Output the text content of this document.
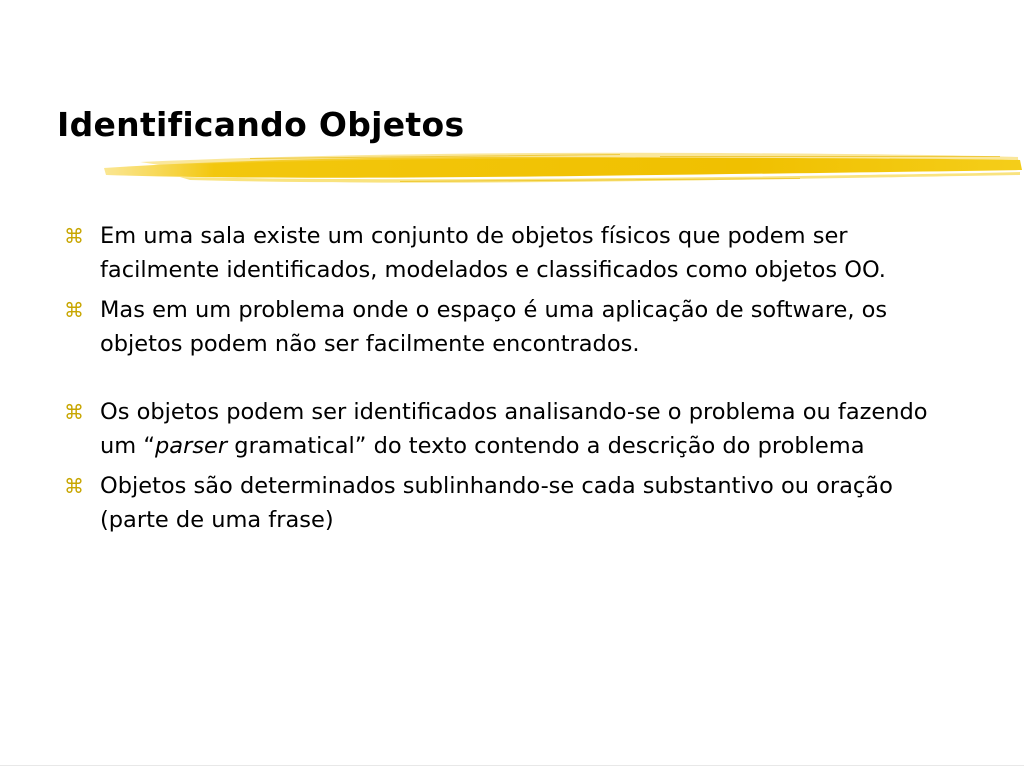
Identificando Objetos
⌘ Em uma sala existe um conjunto de objetos físicos que podem ser facilmente identificados, modelados e classificados como objetos OO.
⌘ Mas em um problema onde o espaço é uma aplicação de software, os objetos podem não ser facilmente encontrados.
⌘ Os objetos podem ser identificados analisando-se o problema ou fazendo um “parser gramatical” do texto contendo a descrição do problema
⌘ Objetos são determinados sublinhando-se cada substantivo ou oração (parte de uma frase)
